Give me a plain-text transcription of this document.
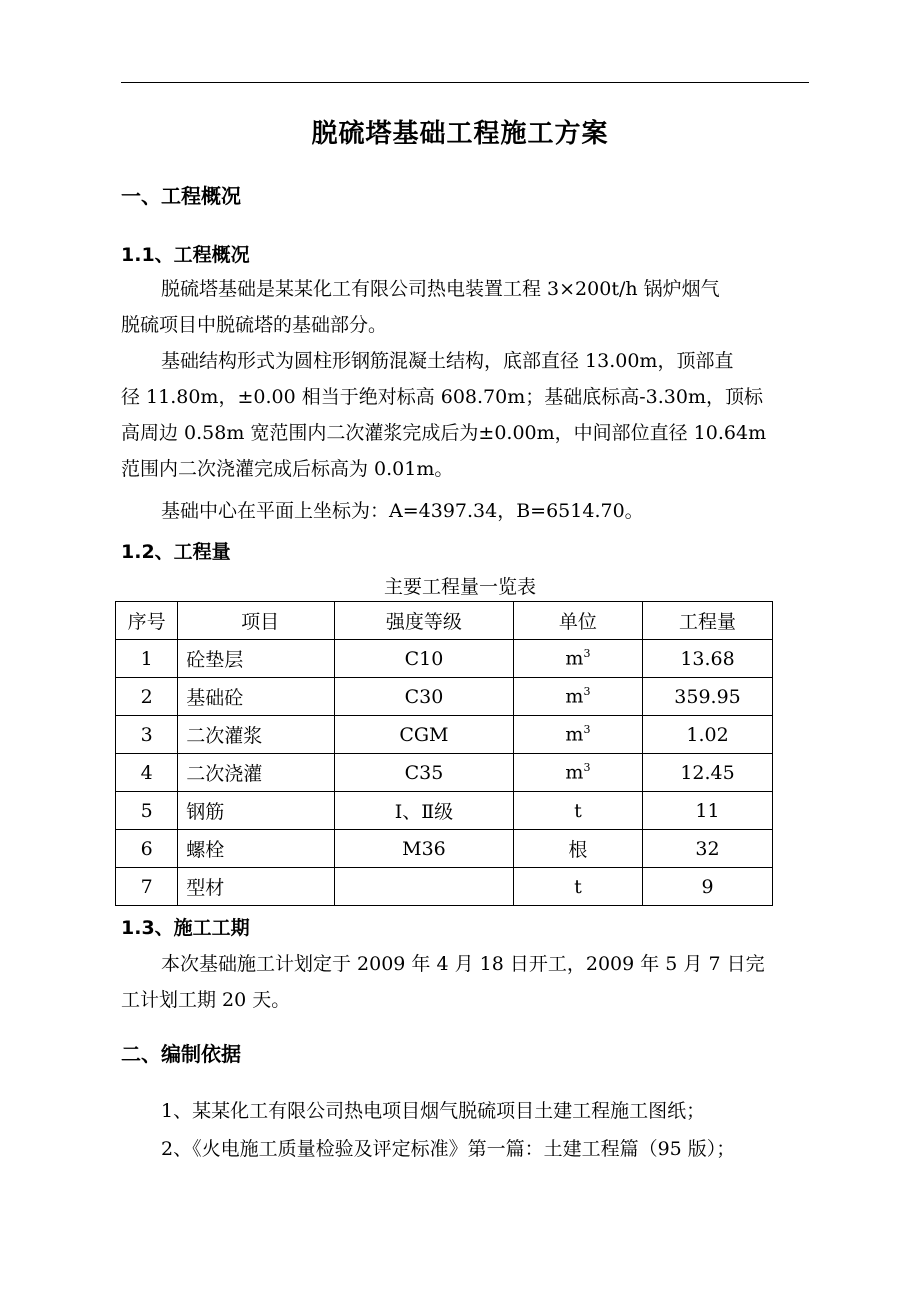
脱硫塔基础工程施工方案
一、工程概况
1.1、工程概况
脱硫塔基础是某某化工有限公司热电装置工程 3×200t/h 锅炉烟气
脱硫项目中脱硫塔的基础部分。
基础结构形式为圆柱形钢筋混凝土结构，底部直径 13.00m，顶部直
径 11.80m，±0.00 相当于绝对标高 608.70m；基础底标高-3.30m，顶标
高周边 0.58m 宽范围内二次灌浆完成后为±0.00m，中间部位直径 10.64m
范围内二次浇灌完成后标高为 0.01m。
基础中心在平面上坐标为：A=4397.34，B=6514.70。
1.2、工程量
主要工程量一览表
序号	项目	强度等级	单位	工程量
1	砼垫层	C10	$m^3$	13.68
2	基础砼	C30	$m^3$	359.95
3	二次灌浆	CGM	$m^3$	1.02
4	二次浇灌	C35	$m^3$	12.45
5	钢筋	Ⅰ、Ⅱ级	t	11
6	螺栓	M36	根	32
7	型材		t	9
1.3、施工工期
本次基础施工计划定于 2009 年 4 月 18 日开工，2009 年 5 月 7 日完
工计划工期 20 天。
二、编制依据
1、某某化工有限公司热电项目烟气脱硫项目土建工程施工图纸；
2、《火电施工质量检验及评定标准》第一篇：土建工程篇（95 版）；
